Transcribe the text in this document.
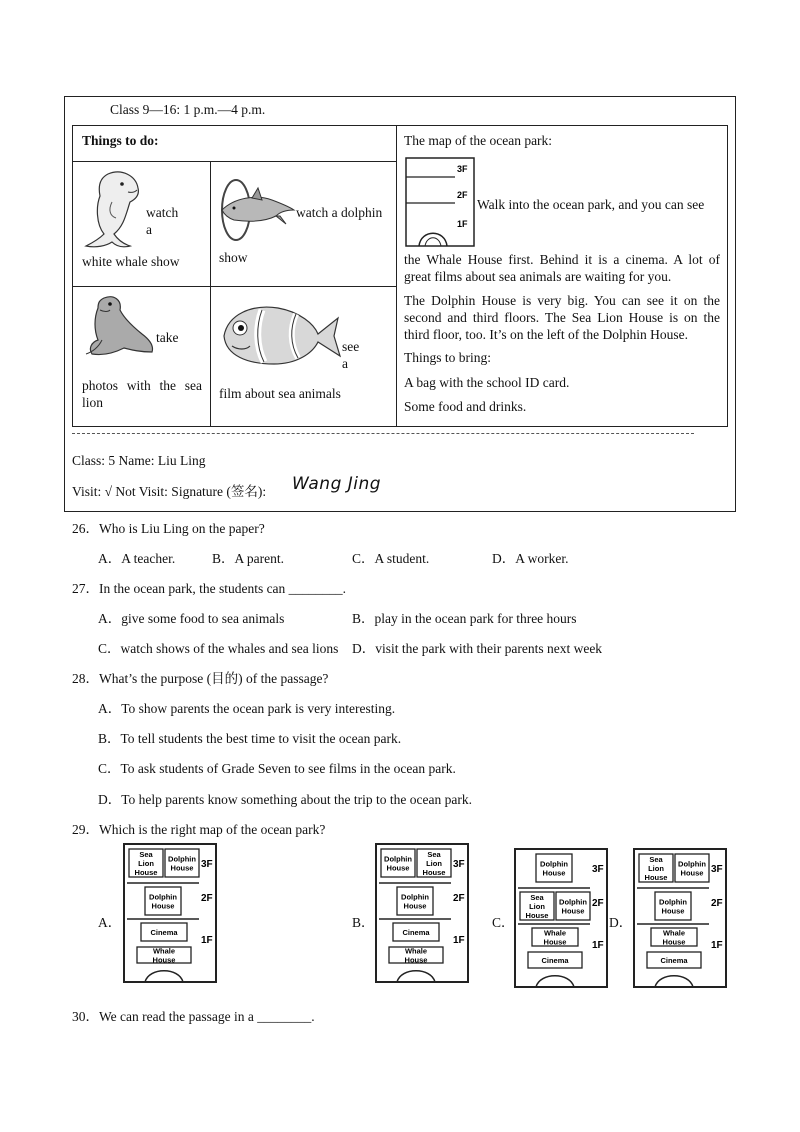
Class 9—16: 1 p.m.—4 p.m.
Things to do:
watch a
white whale show
watch a dolphin
show
take
photos with the sea lion
see a
film about sea animals
The map of the ocean park:
3F
2F
1F
Walk into the ocean park, and you can see
the Whale House first. Behind it is a cinema. A lot of great films about sea animals are waiting for you.
The Dolphin House is very big. You can see it on the second and third floors. The Sea Lion House is on the third floor, too. It’s on the left of the Dolphin House.
Things to bring:
A bag with the school ID card.
Some food and drinks.
Class: 5 Name: Liu Ling
Visit: √ Not Visit: Signature (签名): Wang Jing
26．Who is Liu Ling on the paper?
A．A teacher.	B．A parent.	C．A student.	D．A worker.
27．In the ocean park, the students can ________.
A．give some food to sea animals	B．play in the ocean park for three hours
C．watch shows of the whales and sea lions D．visit the park with their parents next week
28．What’s the purpose (目的) of the passage?
A．To show parents the ocean park is very interesting.
B．To tell students the best time to visit the ocean park.
C．To ask students of Grade Seven to see films in the ocean park.
D．To help parents know something about the trip to the ocean park.
29．Which is the right map of the ocean park?
A．	B．	C．	D．
3F
2F
1F
Sea
Lion
House
Dolphin
House
Dolphin
House
Cinema
Whale
House
3F
2F
1F
Dolphin
House
Sea
Lion
House
Dolphin
House
Cinema
Whale
House
3F
2F
1F
Dolphin
House
Sea
Lion
House
Dolphin
House
Whale
House
Cinema
3F
2F
1F
Sea
Lion
House
Dolphin
House
Dolphin
House
Whale
House
Cinema
30．We can read the passage in a ________.
